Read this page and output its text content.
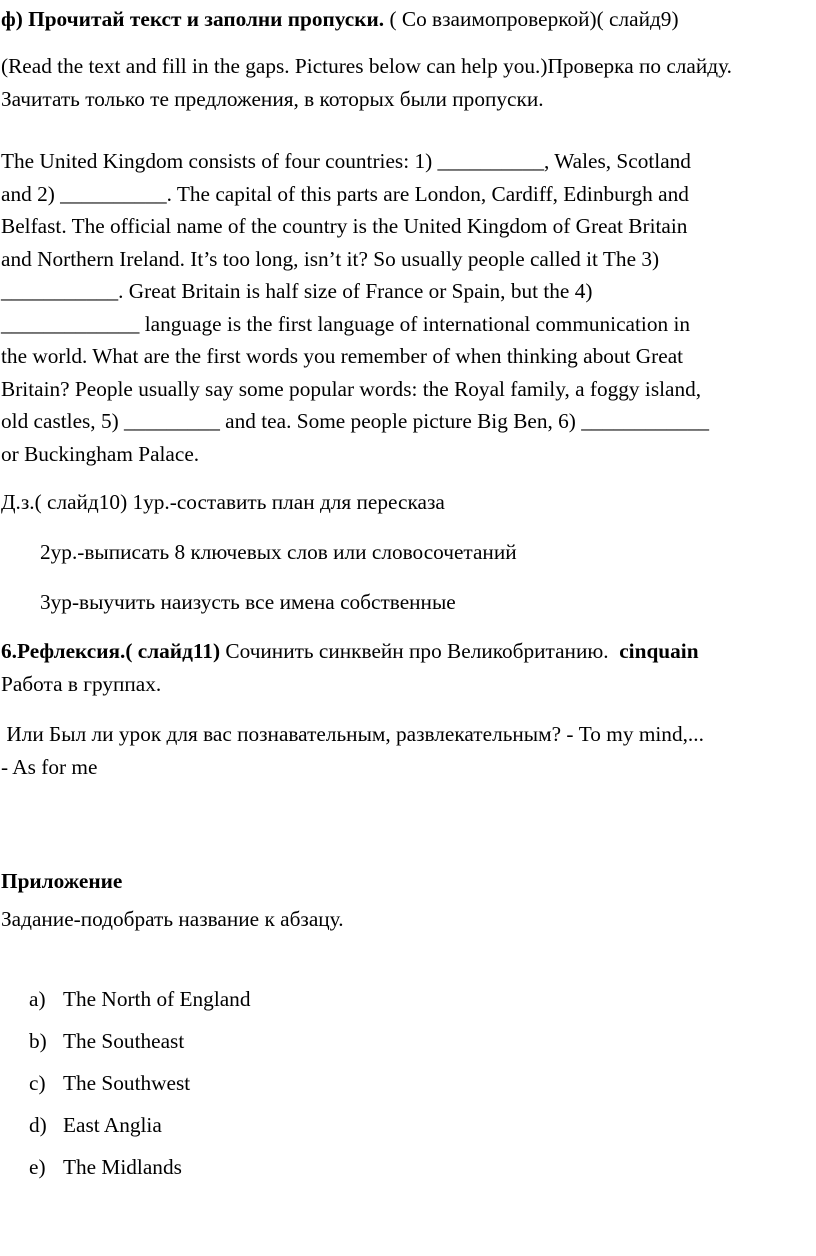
ф) Прочитай текст и заполни пропуски. ( Со взаимопроверкой)( слайд9)

(Read the text and fill in the gaps. Pictures below can help you.)Проверка по слайду. Зачитать только те предложения, в которых были пропуски.

The United Kingdom consists of four countries: 1) __________, Wales, Scotland
and 2) __________. The capital of this parts are London, Cardiff, Edinburgh and
Belfast. The official name of the country is the United Kingdom of Great Britain
and Northern Ireland. It’s too long, isn’t it? So usually people called it The 3)
___________. Great Britain is half size of France or Spain, but the 4)
_____________ language is the first language of international communication in
the world. What are the first words you remember of when thinking about Great
Britain? People usually say some popular words: the Royal family, a foggy island,
old castles, 5) _________ and tea. Some people picture Big Ben, 6) ____________
or Buckingham Palace.

Д.з.( слайд10) 1ур.-составить план для пересказа

2ур.-выписать 8 ключевых слов или словосочетаний

3ур-выучить наизусть все имена собственные

6.Рефлексия.( слайд11) Сочинить синквейн про Великобританию. cinquain
Работа в группах.
Или Был ли урок для вас познавательным, развлекательным? - To my mind,...
- As for me

Приложение

Задание-подобрать название к абзацу.

a) The North of England
b) The Southeast
c) The Southwest
d) East Anglia
e) The Midlands
